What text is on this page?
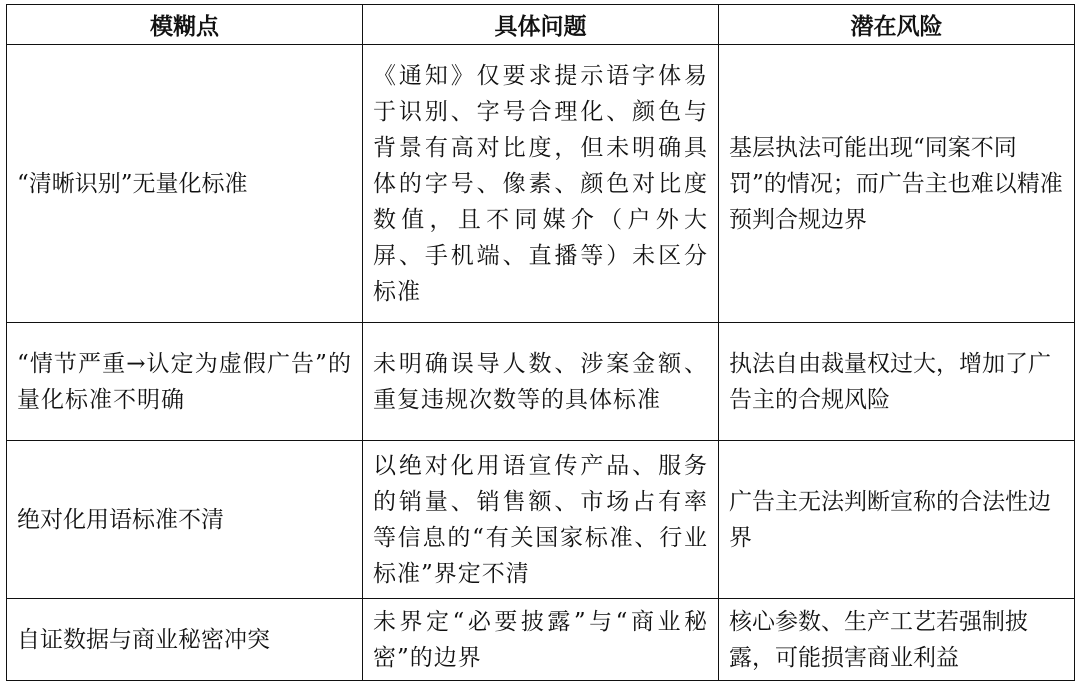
模糊点	具体问题	潜在风险
“清晰识别”无量化标准	《通知》仅要求提示语字体易于识别、字号合理化、颜色与背景有高对比度，但未明确具体的字号、像素、颜色对比度数值，且不同媒介（户外大屏、手机端、直播等）未区分标准	基层执法可能出现“同案不同罚”的情况；而广告主也难以精准预判合规边界
“情节严重→认定为虚假广告”的量化标准不明确	未明确误导人数、涉案金额、重复违规次数等的具体标准	执法自由裁量权过大，增加了广告主的合规风险
绝对化用语标准不清	以绝对化用语宣传产品、服务的销量、销售额、市场占有率等信息的“有关国家标准、行业标准”界定不清	广告主无法判断宣称的合法性边界
自证数据与商业秘密冲突	未界定“必要披露”与“商业秘密”的边界	核心参数、生产工艺若强制披露，可能损害商业利益
